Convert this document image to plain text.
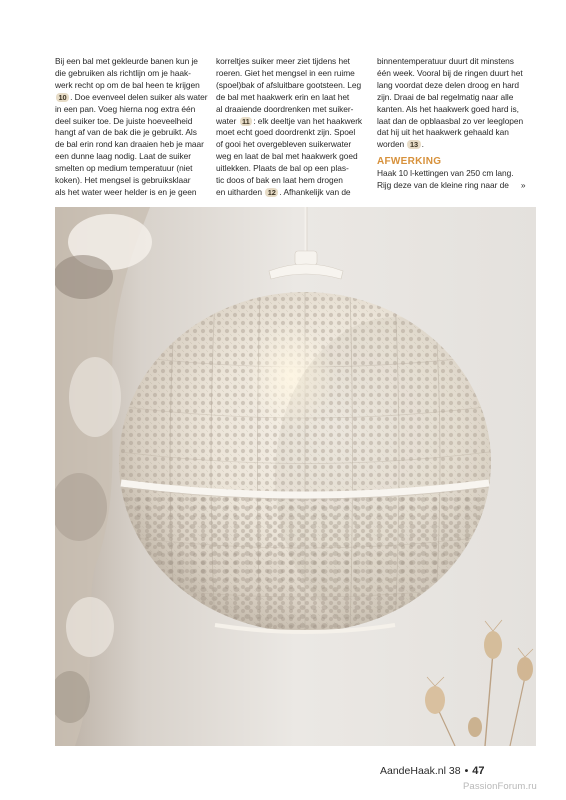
Bij een bal met gekleurde banen kun je
die gebruiken als richtlijn om je haak-
werk recht op om de bal heen te krijgen
10 . Doe evenveel delen suiker als water
in een pan. Voeg hierna nog extra één
deel suiker toe. De juiste hoeveelheid
hangt af van de bak die je gebruikt. Als
de bal erin rond kan draaien heb je maar
een dunne laag nodig. Laat de suiker
smelten op medium temperatuur (niet
koken). Het mengsel is gebruiksklaar
als het water weer helder is en je geen
korreltjes suiker meer ziet tijdens het
roeren. Giet het mengsel in een ruime
(spoel)bak of afsluitbare gootsteen. Leg
de bal met haakwerk erin en laat het
al draaiende doordrenken met suiker-
water 11 : elk deeltje van het haakwerk
moet echt goed doordrenkt zijn. Spoel
of gooi het overgebleven suikerwater
weg en laat de bal met haakwerk goed
uitlekken. Plaats de bal op een plas-
tic doos of bak en laat hem drogen
en uitharden 12 . Afhankelijk van de
binnentemperatuur duurt dit minstens
één week. Vooral bij de ringen duurt het
lang voordat deze delen droog en hard
zijn. Draai de bal regelmatig naar alle
kanten. Als het haakwerk goed hard is,
laat dan de opblaasbal zo ver leeglopen
dat hij uit het haakwerk gehaald kan
worden 13 .
AFWERKING
Haak 10 l-kettingen van 250 cm lang.
Rijg deze van de kleine ring naar de »
AandeHaak.nl 38 • 47
PassionForum.ru
